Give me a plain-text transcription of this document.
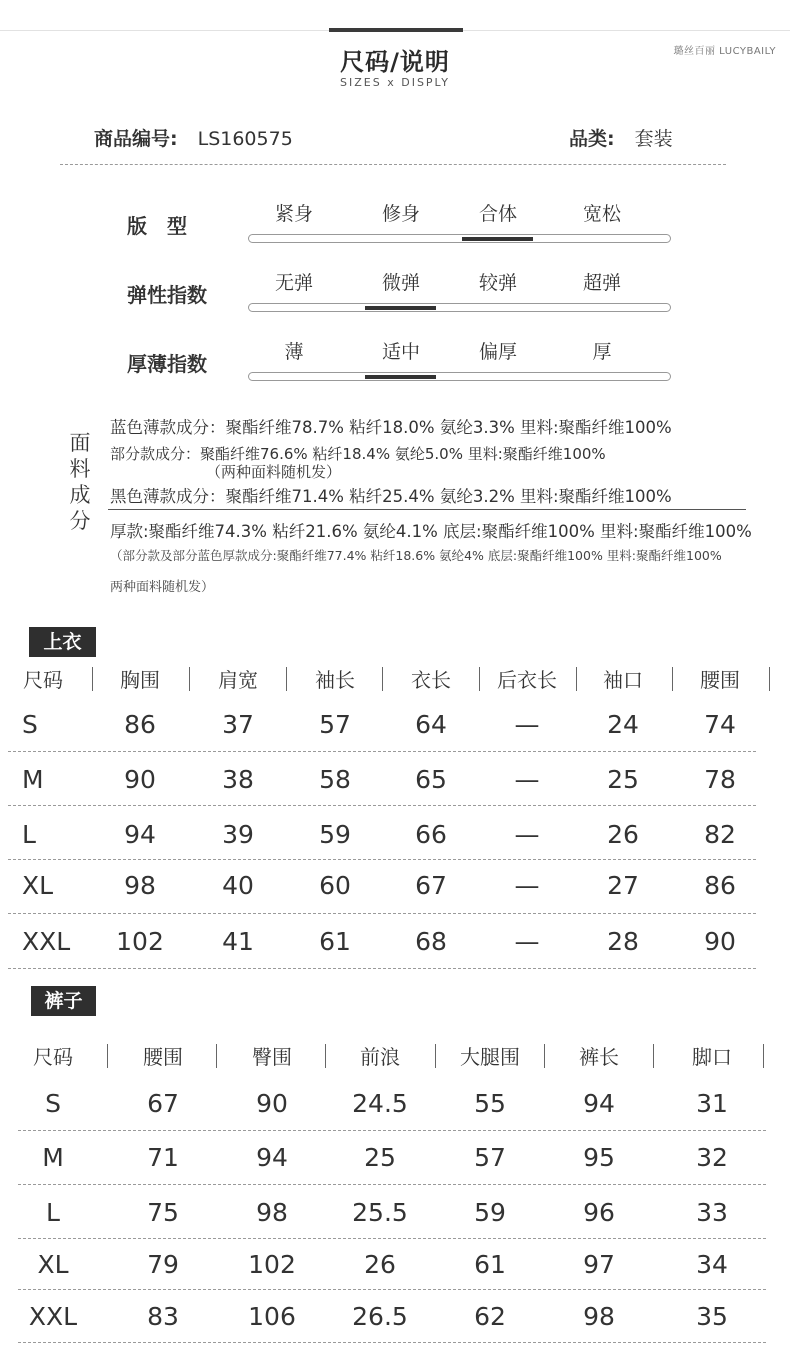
尺码/说明
SIZES x DISPLY
璐丝百丽 LUCYBAILY
商品编号: LS160575	品类: 套装
版　型	紧身	修身	合体	宽松
弹性指数	无弹	微弹	较弹	超弹
厚薄指数	薄	适中	偏厚	厚
面料成分
蓝色薄款成分：聚酯纤维78.7% 粘纤18.0% 氨纶3.3% 里料:聚酯纤维100%
部分款成分：聚酯纤维76.6% 粘纤18.4% 氨纶5.0% 里料:聚酯纤维100%
（两种面料随机发）
黑色薄款成分：聚酯纤维71.4% 粘纤25.4% 氨纶3.2% 里料:聚酯纤维100%
厚款:聚酯纤维74.3% 粘纤21.6% 氨纶4.1% 底层:聚酯纤维100% 里料:聚酯纤维100%
（部分款及部分蓝色厚款成分:聚酯纤维77.4% 粘纤18.6% 氨纶4% 底层:聚酯纤维100% 里料:聚酯纤维100%
两种面料随机发）
上衣
尺码	胸围	肩宽	袖长	衣长	后衣长	袖口	腰围
S	86	37	57	64	—	24	74
M	90	38	58	65	—	25	78
L	94	39	59	66	—	26	82
XL	98	40	60	67	—	27	86
XXL	102	41	61	68	—	28	90
裤子
尺码	腰围	臀围	前浪	大腿围	裤长	脚口
S	67	90	24.5	55	94	31
M	71	94	25	57	95	32
L	75	98	25.5	59	96	33
XL	79	102	26	61	97	34
XXL	83	106	26.5	62	98	35
